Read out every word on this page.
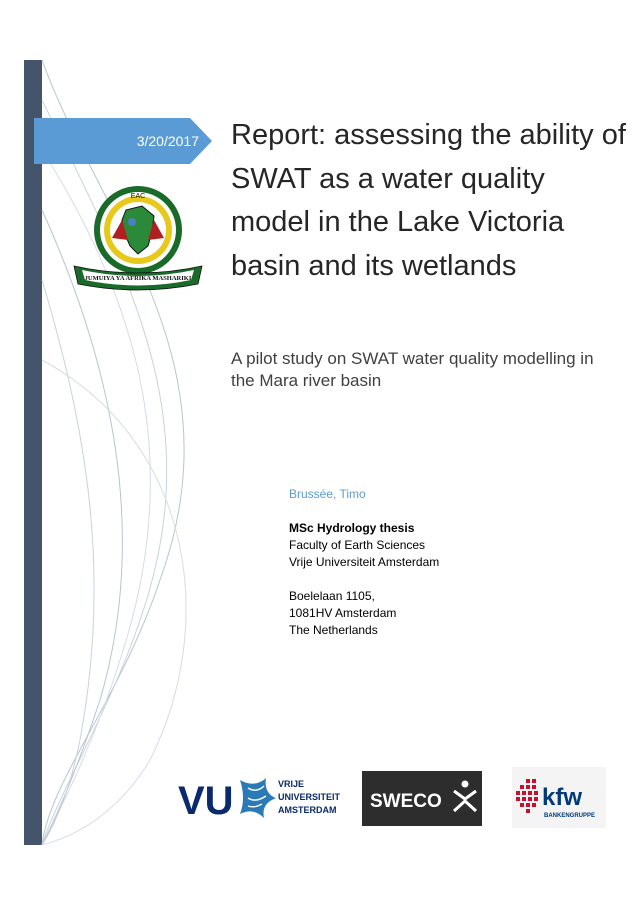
3/20/2017
EAC
JUMUIYA YA AFRIKA MASHARIKI
Report: assessing the ability of SWAT as a water quality model in the Lake Victoria basin and its wetlands

A pilot study on SWAT water quality modelling in the Mara river basin

Brussée, Timo
MSc Hydrology thesis
Faculty of Earth Sciences
Vrije Universiteit Amsterdam
Boelelaan 1105,
1081HV Amsterdam
The Netherlands
VU	VRIJE
UNIVERSITEIT
AMSTERDAM SWECO	kfw
BANKENGRUPPE
